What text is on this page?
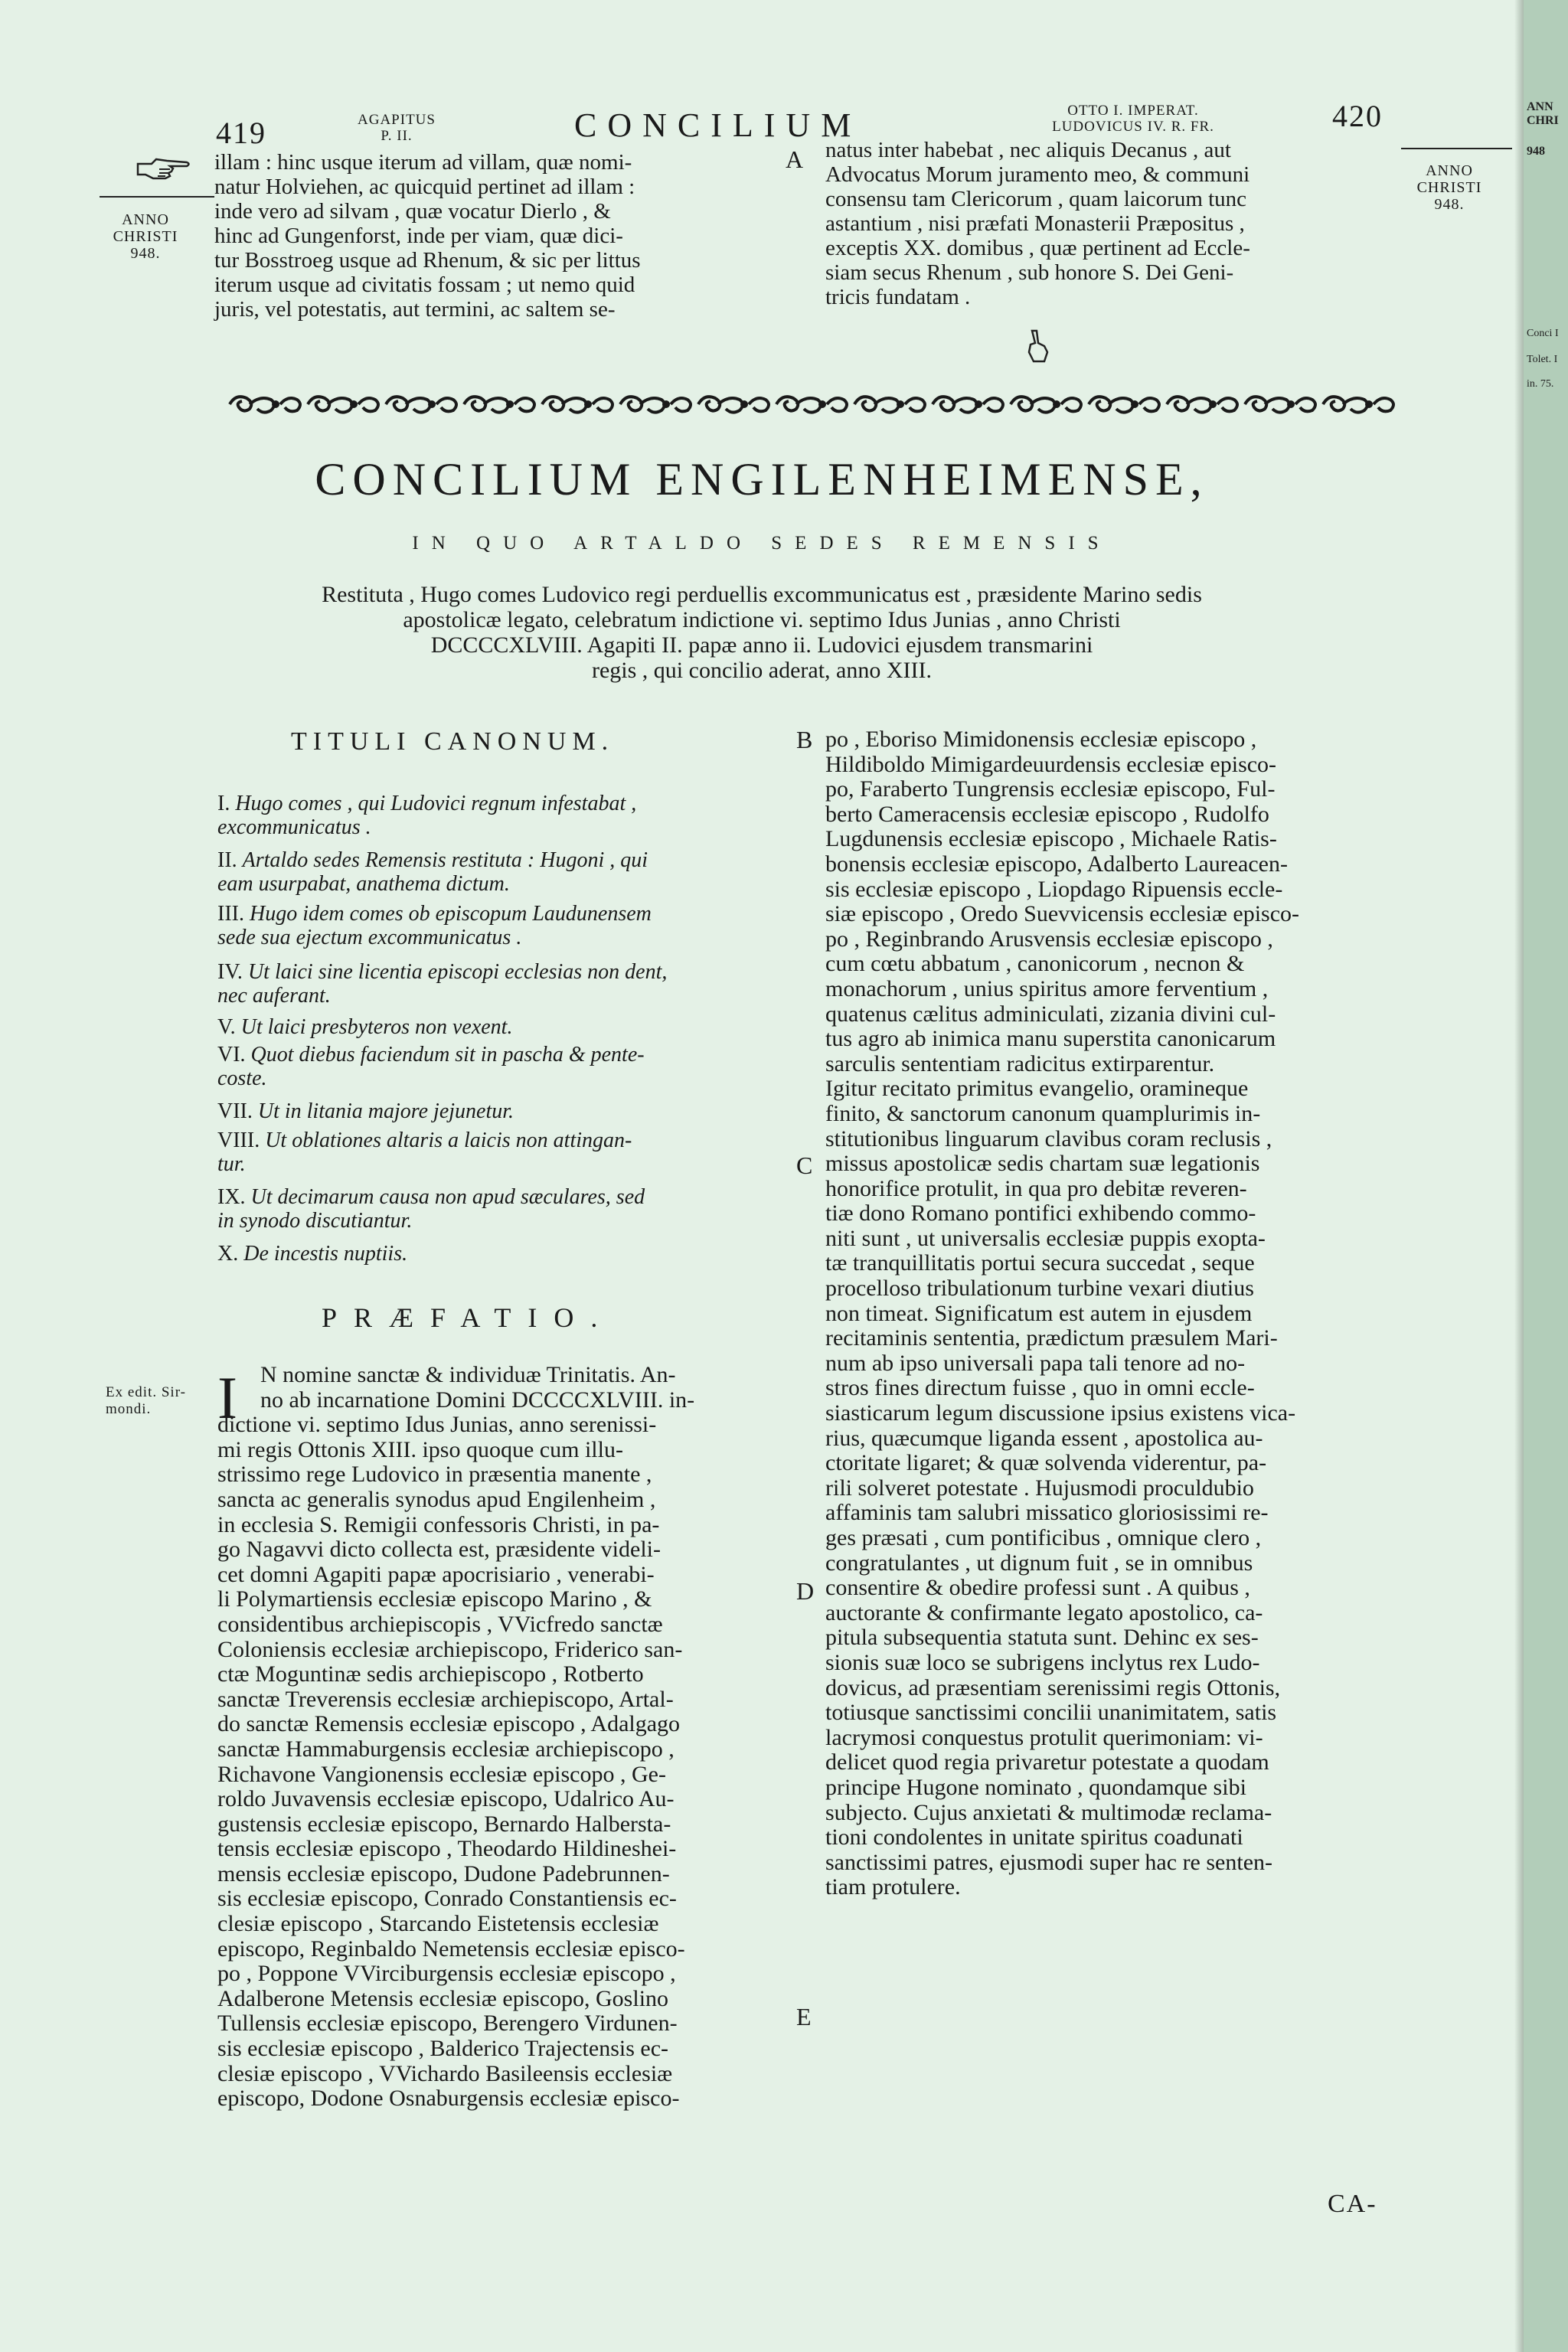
419	AGAPITUS
P. II.	CONCILIUM	OTTO I. IMPERAT.
LUDOVICUS IV. R. FR.	420
ANNO
CHRISTI
948.
ANNO
CHRISTI
948.
illam : hinc usque iterum ad villam, quæ nomi-
natur Holviehen, ac quicquid pertinet ad illam :
inde vero ad silvam , quæ vocatur Dierlo , &
hinc ad Gungenforst, inde per viam, quæ dici-
tur Bosstroeg usque ad Rhenum, & sic per littus
iterum usque ad civitatis fossam ; ut nemo quid
juris, vel potestatis, aut termini, ac saltem se-
A natus inter habebat , nec aliquis Decanus , aut
Advocatus Morum juramento meo, & communi
consensu tam Clericorum , quam laicorum tunc
astantium , nisi præfati Monasterii Præpositus ,
exceptis XX. domibus , quæ pertinent ad Eccle-
siam secus Rhenum , sub honore S. Dei Geni-
tricis fundatam .
CONCILIUM ENGILENHEIMENSE,
IN QUO ARTALDO SEDES REMENSIS
Restituta , Hugo comes Ludovico regi perduellis excommunicatus est , præsidente Marino sedis
apostolicæ legato, celebratum indictione vi. septimo Idus Junias , anno Christi
DCCCCXLVIII. Agapiti II. papæ anno ii. Ludovici ejusdem transmarini
regis , qui concilio aderat, anno XIII.
TITULI CANONUM.
I. Hugo comes , qui Ludovici regnum infestabat ,
excommunicatus .
II. Artaldo sedes Remensis restituta : Hugoni , qui
eam usurpabat, anathema dictum.
III. Hugo idem comes ob episcopum Laudunensem
sede sua ejectum excommunicatus .
IV. Ut laici sine licentia episcopi ecclesias non dent,
nec auferant.
V. Ut laici presbyteros non vexent.
VI. Quot diebus faciendum sit in pascha & pente-
coste.
VII. Ut in litania majore jejunetur.
VIII. Ut oblationes altaris a laicis non attingan-
tur.
IX. Ut decimarum causa non apud sæculares, sed
in synodo discutiantur.
X. De incestis nuptiis.
PRÆFATIO.
Ex edit. Sir-
mondi.	I	N nomine sanctæ & individuæ Trinitatis. An-
no ab incarnatione Domini DCCCCXLVIII. in-
dictione vi. septimo Idus Junias, anno serenissi-
mi regis Ottonis XIII. ipso quoque cum illu-
strissimo rege Ludovico in præsentia manente ,
sancta ac generalis synodus apud Engilenheim ,
in ecclesia S. Remigii confessoris Christi, in pa-
go Nagavvi dicto collecta est, præsidente videli-
cet domni Agapiti papæ apocrisiario , venerabi-
li Polymartiensis ecclesiæ episcopo Marino , &
considentibus archiepiscopis , VVicfredo sanctæ
Coloniensis ecclesiæ archiepiscopo, Friderico san-
ctæ Moguntinæ sedis archiepiscopo , Rotberto
sanctæ Treverensis ecclesiæ archiepiscopo, Artal-
do sanctæ Remensis ecclesiæ episcopo , Adalgago
sanctæ Hammaburgensis ecclesiæ archiepiscopo ,
Richavone Vangionensis ecclesiæ episcopo , Ge-
roldo Juvavensis ecclesiæ episcopo, Udalrico Au-
gustensis ecclesiæ episcopo, Bernardo Halbersta-
tensis ecclesiæ episcopo , Theodardo Hildineshei-
mensis ecclesiæ episcopo, Dudone Padebrunnen-
sis ecclesiæ episcopo, Conrado Constantiensis ec-
clesiæ episcopo , Starcando Eistetensis ecclesiæ
episcopo, Reginbaldo Nemetensis ecclesiæ episco-
po , Poppone VVirciburgensis ecclesiæ episcopo ,
Adalberone Metensis ecclesiæ episcopo, Goslino
Tullensis ecclesiæ episcopo, Berengero Virdunen-
sis ecclesiæ episcopo , Balderico Trajectensis ec-
clesiæ episcopo , VVichardo Basileensis ecclesiæ
episcopo, Dodone Osnaburgensis ecclesiæ episco-
B
C
D
E
po , Eboriso Mimidonensis ecclesiæ episcopo ,
Hildiboldo Mimigardeuurdensis ecclesiæ episco-
po, Faraberto Tungrensis ecclesiæ episcopo, Ful-
berto Cameracensis ecclesiæ episcopo , Rudolfo
Lugdunensis ecclesiæ episcopo , Michaele Ratis-
bonensis ecclesiæ episcopo, Adalberto Laureacen-
sis ecclesiæ episcopo , Liopdago Ripuensis eccle-
siæ episcopo , Oredo Suevvicensis ecclesiæ episco-
po , Reginbrando Arusvensis ecclesiæ episcopo ,
cum cœtu abbatum , canonicorum , necnon &
monachorum , unius spiritus amore ferventium ,
quatenus cælitus adminiculati, zizania divini cul-
tus agro ab inimica manu superstita canonicarum
sarculis sententiam radicitus extirparentur.
Igitur recitato primitus evangelio, oramineque
finito, & sanctorum canonum quamplurimis in-
stitutionibus linguarum clavibus coram reclusis ,
missus apostolicæ sedis chartam suæ legationis
honorifice protulit, in qua pro debitæ reveren-
tiæ dono Romano pontifici exhibendo commo-
niti sunt , ut universalis ecclesiæ puppis exopta-
tæ tranquillitatis portui secura succedat , seque
procelloso tribulationum turbine vexari diutius
non timeat. Significatum est autem in ejusdem
recitaminis sententia, prædictum præsulem Mari-
num ab ipso universali papa tali tenore ad no-
stros fines directum fuisse , quo in omni eccle-
siasticarum legum discussione ipsius existens vica-
rius, quæcumque liganda essent , apostolica au-
ctoritate ligaret; & quæ solvenda viderentur, pa-
rili solveret potestate . Hujusmodi proculdubio
affaminis tam salubri missatico gloriosissimi re-
ges præsati , cum pontificibus , omnique clero ,
congratulantes , ut dignum fuit , se in omnibus
consentire & obedire professi sunt . A quibus ,
auctorante & confirmante legato apostolico, ca-
pitula subsequentia statuta sunt. Dehinc ex ses-
sionis suæ loco se subrigens inclytus rex Ludo-
dovicus, ad præsentiam serenissimi regis Ottonis,
totiusque sanctissimi concilii unanimitatem, satis
lacrymosi conquestus protulit querimoniam: vi-
delicet quod regia privaretur potestate a quodam
principe Hugone nominato , quondamque sibi
subjecto. Cujus anxietati & multimodæ reclama-
tioni condolentes in unitate spiritus coadunati
sanctissimi patres, ejusmodi super hac re senten-
tiam protulere.
CA-
ANN
CHRI
948
Conci I
Tolet. I
in. 75.
